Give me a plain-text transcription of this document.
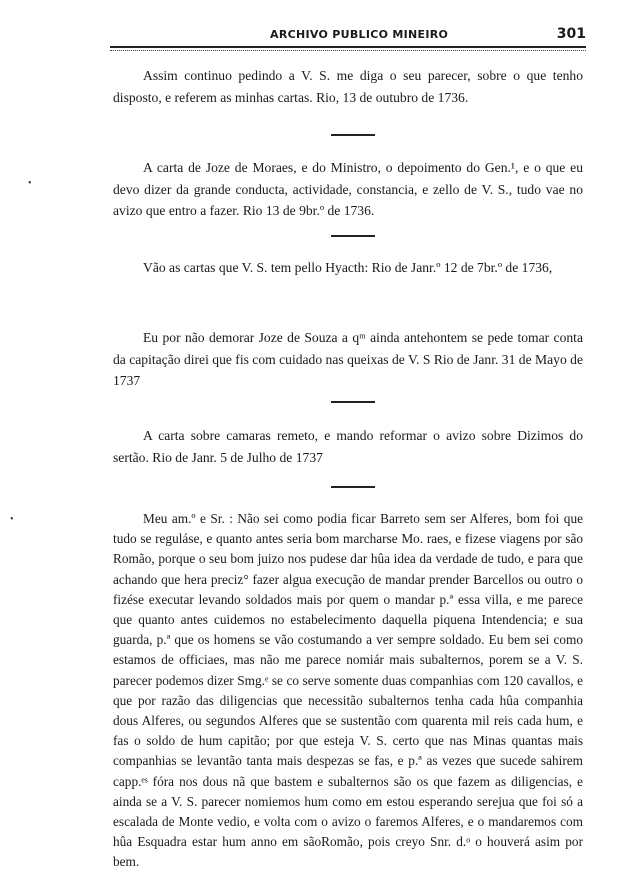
ARCHIVO PUBLICO MINEIRO	301

Assim continuo pedindo a V. S. me diga o seu parecer, sobre o que tenho disposto, e referem as minhas cartas. Rio, 13 de outubro de 1736.

A carta de Joze de Moraes, e do Ministro, o depoimento do Gen.¹, e o que eu devo dizer da grande conducta, actividade, constancia, e zello de V. S., tudo vae no avizo que entro a fazer. Rio 13 de 9br.º de 1736.

Vão as cartas que V. S. tem pello Hyacth: Rio de Janr.º 12 de 7br.º de 1736,

Eu por não demorar Joze de Souza a qᵐ ainda antehontem se pede tomar conta da capitação direi que fis com cuidado nas queixas de V. S Rio de Janr. 31 de Mayo de 1737

A carta sobre camaras remeto, e mando reformar o avizo sobre Dizimos do sertão. Rio de Janr. 5 de Julho de 1737

Meu am.º e Sr. : Não sei como podia ficar Barreto sem ser Alferes, bom foi que tudo se reguláse, e quanto antes seria bom marcharse Mo. raes, e fizese viagens por são Romão, porque o seu bom juizo nos pudese dar hûa idea da verdade de tudo, e para que achando que hera preciz° fazer algua execução de mandar prender Barcellos ou outro o fizése executar levando soldados mais por quem o mandar p.ª essa villa, e me parece que quanto antes cuidemos no estabelecimento daquella piquena Intendencia; e sua guarda, p.ª que os homens se vão costumando a ver sempre soldado. Eu bem sei como estamos de officiaes, mas não me parece nomiár mais subalternos, porem se a V. S. parecer podemos dizer Smg.ᵉ se co serve somente duas companhias com 120 cavallos, e que por razão das diligencias que necessitão subalternos tenha cada hûa companhia dous Alferes, ou segundos Alferes que se sustentão com quarenta mil reis cada hum, e fas o soldo de hum capitão; por que esteja V. S. certo que nas Minas quantas mais companhias se levantão tanta mais despezas se fas, e p.ª as vezes que sucede sahirem capp.ᵉˢ fóra nos dous nã que bastem e subalternos são os que fazem as diligencias, e ainda se a V. S. parecer nomiemos hum como em estou esperando serejua que foi só a escalada de Monte vedio, e volta com o avizo o faremos Alferes, e o mandaremos com hûa Esquadra estar hum anno em sãoRomão, pois creyo Snr. d.ᵒ o houverá asim por bem.

•
•
